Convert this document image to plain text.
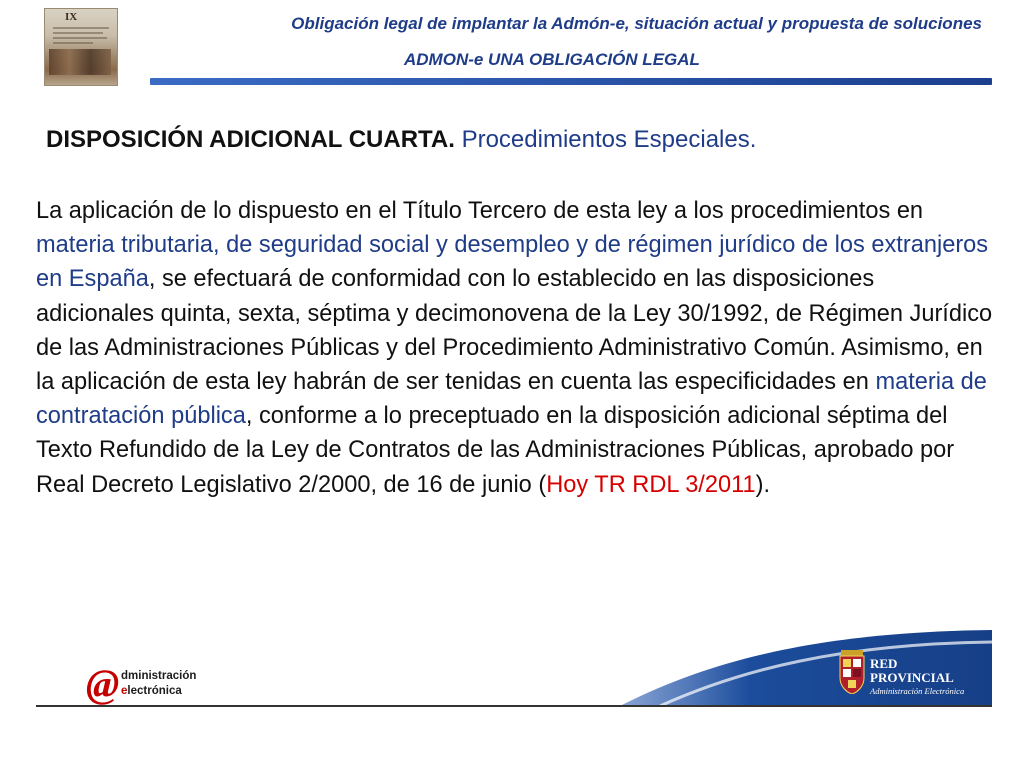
IX	Obligación legal de implantar la Admón-e, situación actual y propuesta de soluciones

ADMON-e UNA OBLIGACIÓN LEGAL

DISPOSICIÓN ADICIONAL CUARTA. Procedimientos Especiales.

La aplicación de lo dispuesto en el Título Tercero de esta ley a los procedimientos en materia tributaria, de seguridad social y desempleo y de régimen jurídico de los extranjeros en España, se efectuará de conformidad con lo establecido en las disposiciones adicionales quinta, sexta, séptima y decimonovena de la Ley 30/1992, de Régimen Jurídico de las Administraciones Públicas y del Procedimiento Administrativo Común. Asimismo, en la aplicación de esta ley habrán de ser tenidas en cuenta las especificidades en materia de contratación pública, conforme a lo preceptuado en la disposición adicional séptima del Texto Refundido de la Ley de Contratos de las Administraciones Públicas, aprobado por Real Decreto Legislativo 2/2000, de 16 de junio (Hoy TR RDL 3/2011).

@ dministración
electrónica
RED
PROVINCIAL
Administración Electrónica
